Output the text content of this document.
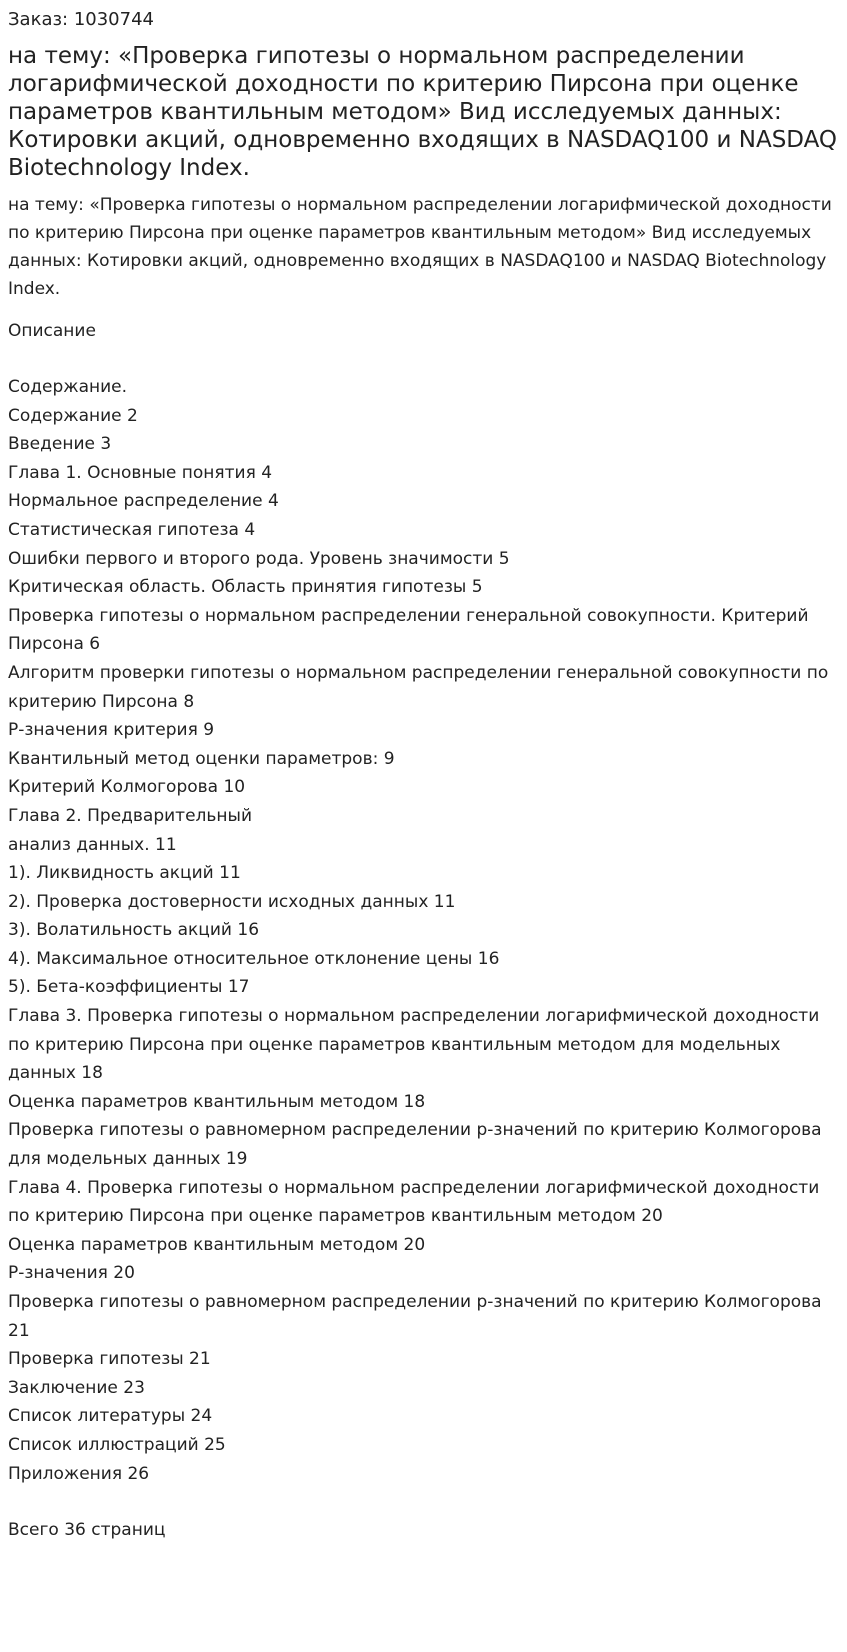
Заказ: 1030744
на тему: «Проверка гипотезы о нормальном распределении логарифмической доходности по критерию Пирсона при оценке параметров квантильным методом» Вид исследуемых данных: Котировки акций, одновременно входящих в NASDAQ100 и NASDAQ Biotechnology Index.
на тему: «Проверка гипотезы о нормальном распределении логарифмической доходности по критерию Пирсона при оценке параметров квантильным методом» Вид исследуемых данных: Котировки акций, одновременно входящих в NASDAQ100 и NASDAQ Biotechnology Index.
Описание
Содержание.
Содержание 2
Введение 3
Глава 1. Основные понятия 4
Нормальное распределение 4
Статистическая гипотеза 4
Ошибки первого и второго рода. Уровень значимости 5
Критическая область. Область принятия гипотезы 5
Проверка гипотезы о нормальном распределении генеральной совокупности. Критерий Пирсона 6
Алгоритм проверки гипотезы о нормальном распределении генеральной совокупности по критерию Пирсона 8
Р-значения критерия 9
Квантильный метод оценки параметров: 9
Критерий Колмогорова 10
Глава 2. Предварительный
анализ данных. 11
1). Ликвидность акций 11
2). Проверка достоверности исходных данных 11
3). Волатильность акций 16
4). Максимальное относительное отклонение цены 16
5). Бета-коэффициенты 17
Глава 3. Проверка гипотезы о нормальном распределении логарифмической доходности по критерию Пирсона при оценке параметров квантильным методом для модельных данных 18
Оценка параметров квантильным методом 18
Проверка гипотезы о равномерном распределении р-значений по критерию Колмогорова для модельных данных 19
Глава 4. Проверка гипотезы о нормальном распределении логарифмической доходности по критерию Пирсона при оценке параметров квантильным методом 20
Оценка параметров квантильным методом 20
Р-значения 20
Проверка гипотезы о равномерном распределении р-значений по критерию Колмогорова 21
Проверка гипотезы 21
Заключение 23
Список литературы 24
Список иллюстраций 25
Приложения 26
Всего 36 страниц
